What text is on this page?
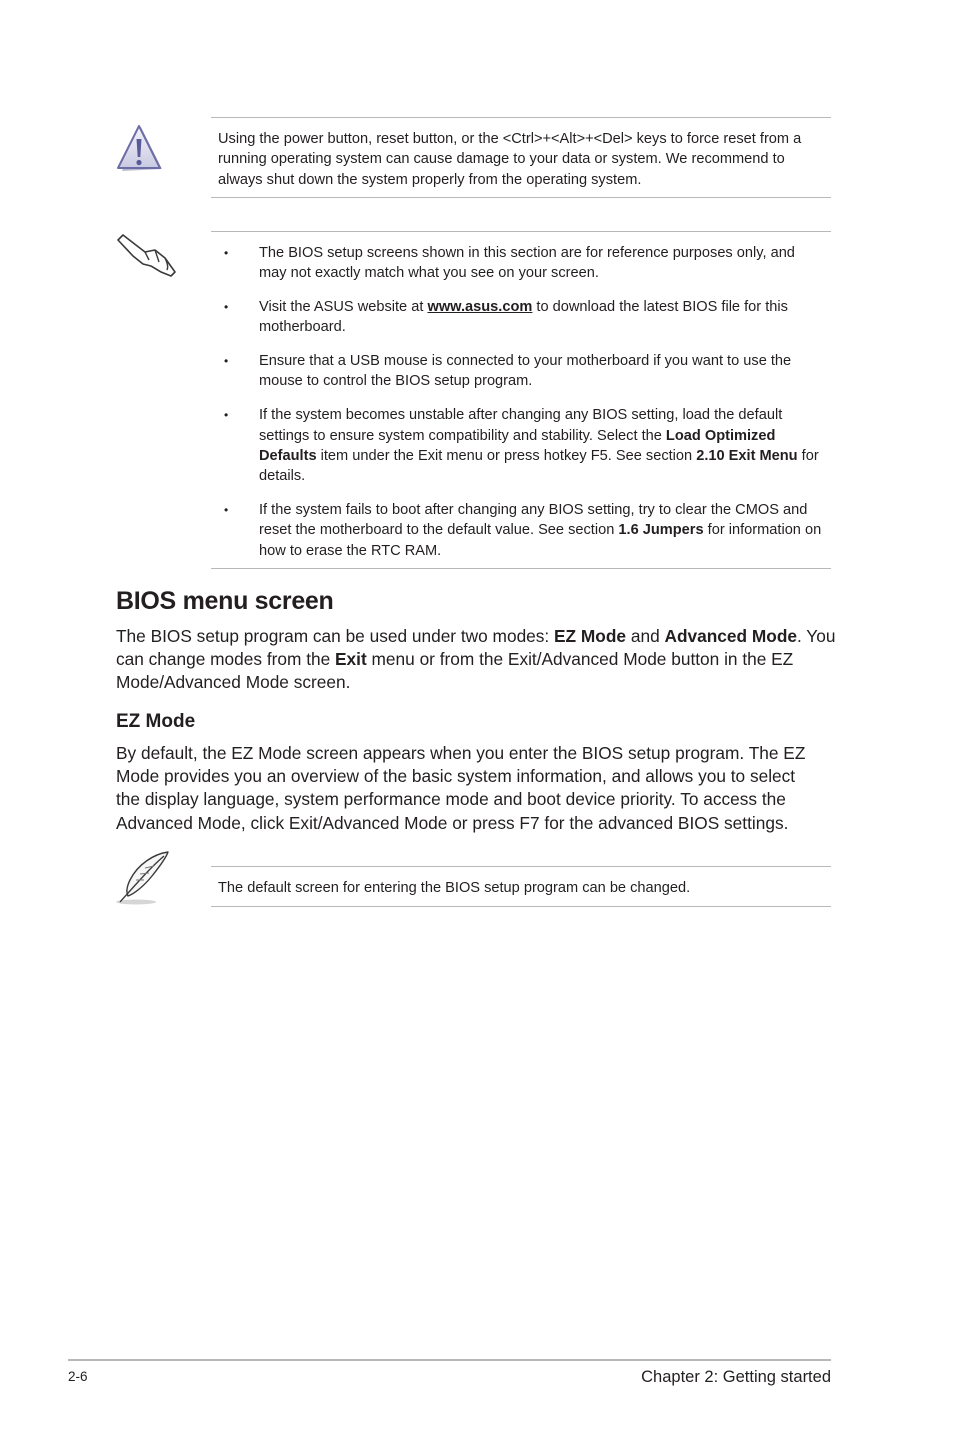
Using the power button, reset button, or the <Ctrl>+<Alt>+<Del> keys to force reset from a running operating system can cause damage to your data or system. We recommend to always shut down the system properly from the operating system.

• The BIOS setup screens shown in this section are for reference purposes only, and may not exactly match what you see on your screen.
• Visit the ASUS website at www.asus.com to download the latest BIOS file for this motherboard.
• Ensure that a USB mouse is connected to your motherboard if you want to use the mouse to control the BIOS setup program.
• If the system becomes unstable after changing any BIOS setting, load the default settings to ensure system compatibility and stability. Select the Load Optimized Defaults item under the Exit menu or press hotkey F5. See section 2.10 Exit Menu for details.
• If the system fails to boot after changing any BIOS setting, try to clear the CMOS and reset the motherboard to the default value. See section 1.6 Jumpers for information on how to erase the RTC RAM.
BIOS menu screen

The BIOS setup program can be used under two modes: EZ Mode and Advanced Mode. You can change modes from the Exit menu or from the Exit/Advanced Mode button in the EZ Mode/Advanced Mode screen.

EZ Mode

By default, the EZ Mode screen appears when you enter the BIOS setup program. The EZ Mode provides you an overview of the basic system information, and allows you to select the display language, system performance mode and boot device priority. To access the Advanced Mode, click Exit/Advanced Mode or press F7 for the advanced BIOS settings.

The default screen for entering the BIOS setup program can be changed.

2-6	Chapter 2: Getting started
